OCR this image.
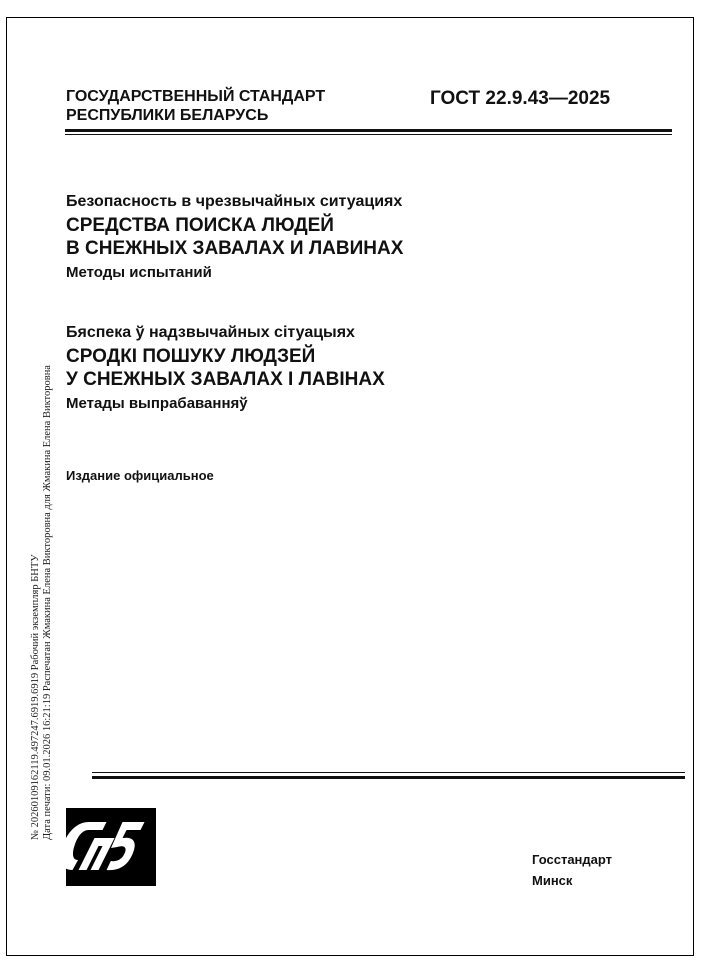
ГОСУДАРСТВЕННЫЙ СТАНДАРТ
РЕСПУБЛИКИ БЕЛАРУСЬ
ГОСТ 22.9.43—2025
Безопасность в чрезвычайных ситуациях
СРЕДСТВА ПОИСКА ЛЮДЕЙ
В СНЕЖНЫХ ЗАВАЛАХ И ЛАВИНАХ
Методы испытаний
Бяспека ў надзвычайных сітуацыях
СРОДКІ ПОШУКУ ЛЮДЗЕЙ
У СНЕЖНЫХ ЗАВАЛАХ І ЛАВІНАХ
Метады выпрабаванняў
Издание официальное
№ 20260109162119.497247.6919.6919 Рабочий экземпляр БНТУ Дата печати: 09.01.2026 16:21:19 Распечатан Жмакина Елена Викторовна для Жмакина Елена Викторовна
Госстандарт
Минск
